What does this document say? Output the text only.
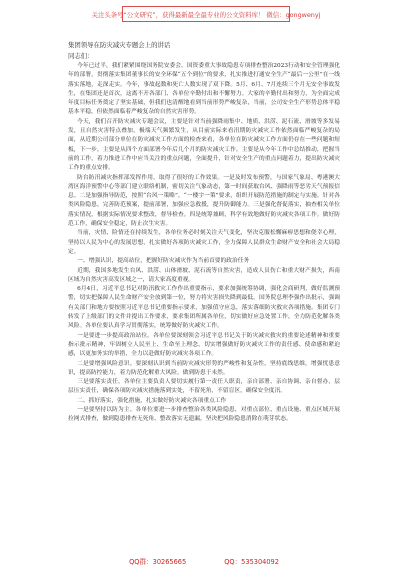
关注头条号“公文研究”，获得最新最全最专业的公文资料库！ 微信：gongwenyj

集团领导在防灾减灾专题会上的讲话

同志们：

今年已过半，我们紧紧围绕国务院安委会、国资委重大事故隐患专项排查整治2023行动和安全管理强化年的部署，贯彻落实集团董事长的安全环保“五个到位”的要求，扎实推进打通安全生产“最后一公里”在一线落实落地，走深走实。今年，事故起数和死亡人数实现了双下降。5月、6月、7月连续三个月无安全事故发生，在集团还是首次，这离不开各部门、各单位辛勤付出和不懈努力。大家的辛勤付出和努力，为全面完成年度目标任务奠定了坚实基础，但我们也清醒地看到当前形势严峻复杂，当前，公司安全生产形势总体平稳基本平稳，但依然面临着严峻复杂的自然灾害形势。

今天，我们召开防灾减灾专题会议，主要是针对当前强降雨集中、地质、洪涝、泥石流、滑坡等多发易发，且自然灾害特点叠加，极端天气频繁发生，从目前实际来看汛期防灾减灾工作依然面临严峻复杂的局面，从近期公司部分单位在防灾减灾工作方面的检查来看，各单位在防灾减灾工作方面仍存在一些问题和短板，下一步，主要是从四个方面部署今年后几个月的防灾减灾工作。主要是从今年工作中总结推动，把握当前的工作，着力推进工作中应当关注的重点问题，全面提升，针对安全生产的重点问题着力，提出防灾减灾工作的重点安排。

防台防汛减灾指挥部发挥作用，取得了很好的工作效果。一是及时发布预警，与国家气象局、粤港澳大湾区海洋预警中心等部门建立联络机制，密切关注气象动态，第一时间获取台风、强降雨等恶劣天气预报信息。二是加强指导防范，按照“台风一策略”，“一楼宇一策”要求，组织开展防范措施的制定与实施。针对各类风险隐患，完善防范预案，提前部署，加强应急救援，提升防御能力。三是强化督促落实，抽查相关单位落实情况，根据实际情况要求整改，督导检查。四是统筹兼顾，科学有效地做好防灾减灾各项工作。做好防范工作，确保安全稳定，防止次生灾害。

当前，灾情、险情还在持续发生，各单位务必时刻关注天气变化，坚决克服松懈麻痹思想和侥幸心理，坚持以人民为中心的发展思想，扎实做好各项防灾减灾工作，全力保障人民群众生命财产安全和社会大局稳定。

一、增强认识，提高站位，把握好防灾减灾作为当前首要的政治任务

近期，我国多地发生台风、洪涝、山体滑坡、泥石流等自然灾害，造成人员伤亡和重大财产损失，西南区域为自然灾害高发区域之一，请大家高度重视。

6月4日，习近平总书记对防汛救灾工作作出重要指示，要求加强统筹协调，强化会商研判，做好监测预警，切实把保障人民生命财产安全放到第一位，努力将灾害损失降到最低。国务院总理李强作出批示，强调有关部门和地方要按照习近平总书记重要指示要求，加强值守应急，落实落细防灾救灾各项措施。集团专门转发了上级部门的文件并提出工作要求，要求集团所属各单位，切实做好应急处置工作，全力防范化解各类风险。各单位要认真学习贯彻落实，统筹做好防灾减灾工作。

一是要进一步提高政治站位。各单位要深刻领会习近平总书记关于防灾减灾救灾的重要论述精神和重要指示批示精神，牢固树立人民至上、生命至上理念，切实增强做好防灾减灾工作的责任感、使命感和紧迫感，以更加务实的举措，全力以赴做好防灾减灾各项工作。

二是要增强风险意识。要深刻认识到当前防灾减灾形势的严峻性和复杂性，坚持底线思维，增强忧患意识，提高防控能力，着力防范化解重大风险，做到防患于未然。

三是要落实责任。各单位主要负责人要切实履行第一责任人职责，亲自部署、亲自协调、亲自督办，层层压实责任，确保各项防灾减灾措施落到实处，不留死角，不留盲区，确保安全度汛。

二、抓好落实，强化措施，扎实做好防灾减灾各项重点工作

一是要坚持以防为主。各单位要进一步排查整治各类风险隐患，对重点部位、重点设施、重点区域开展拉网式排查，做到隐患排查无死角、整改落实无遗漏，坚决把风险隐患消除在萌芽状态。

QQ群：30265665	QQ：535304092
